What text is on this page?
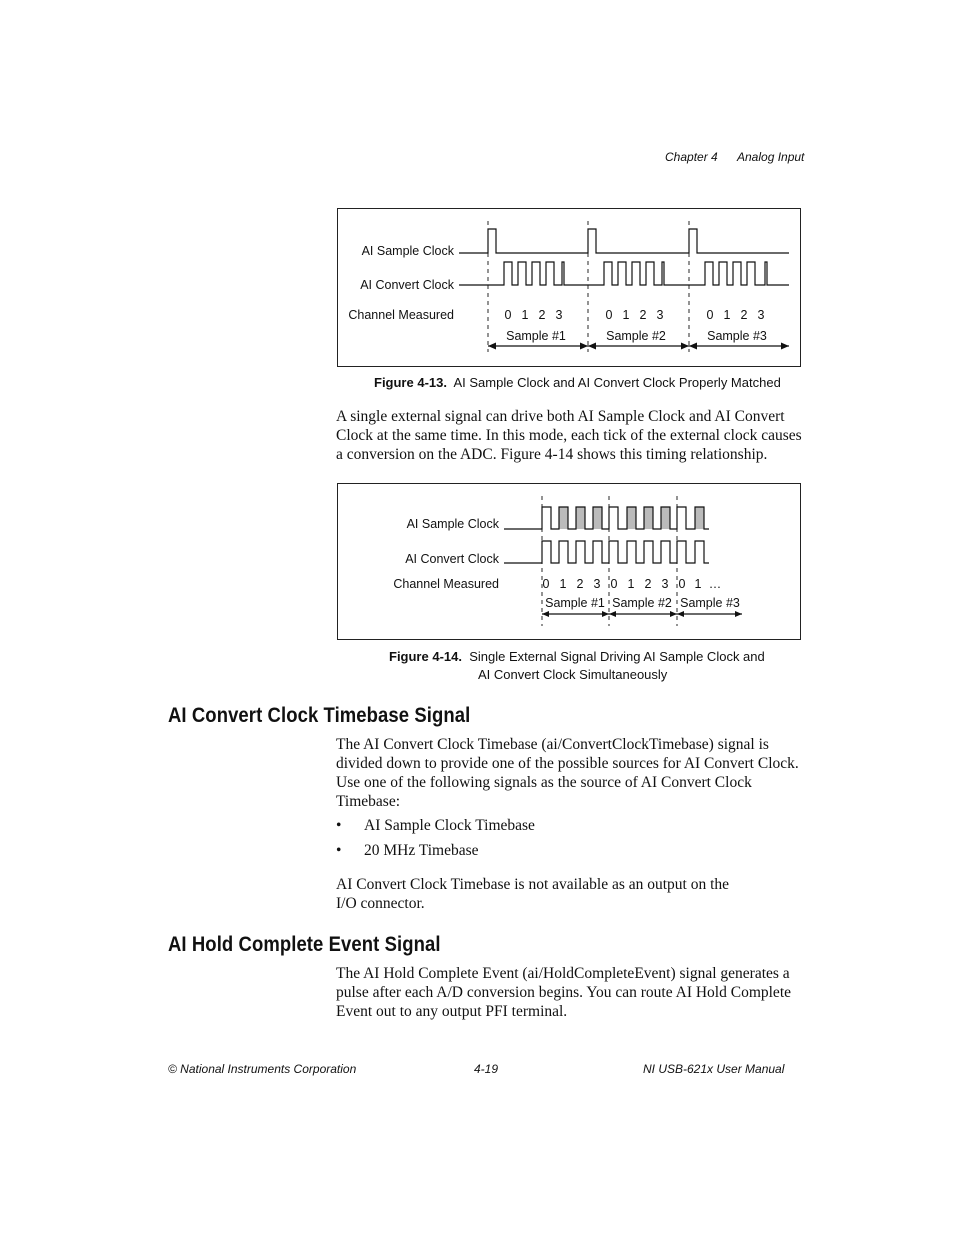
Chapter 4 Analog Input
AI Sample Clock
AI Convert Clock
Channel Measured	0 1 2 3	0 1 2 3	0 1 2 3
Sample #1	Sample #2	Sample #3
Figure 4-13. AI Sample Clock and AI Convert Clock Properly Matched

A single external signal can drive both AI Sample Clock and AI Convert Clock at the same time. In this mode, each tick of the external clock causes a conversion on the ADC. Figure 4-14 shows this timing relationship.

AI Sample Clock
AI Convert Clock
Channel Measured	0 1 2 3 0 1 2 3 0 1 …
Sample #1 Sample #2 Sample #3
Figure 4-14. Single External Signal Driving AI Sample Clock and
AI Convert Clock Simultaneously
AI Convert Clock Timebase Signal

The AI Convert Clock Timebase (ai/ConvertClockTimebase) signal is divided down to provide one of the possible sources for AI Convert Clock. Use one of the following signals as the source of AI Convert Clock Timebase:

• AI Sample Clock Timebase
• 20 MHz Timebase

AI Convert Clock Timebase is not available as an output on the

I/O connector.

AI Hold Complete Event Signal

The AI Hold Complete Event (ai/HoldCompleteEvent) signal generates a pulse after each A/D conversion begins. You can route AI Hold Complete Event out to any output PFI terminal.

© National Instruments Corporation	4-19	NI USB-621x User Manual
